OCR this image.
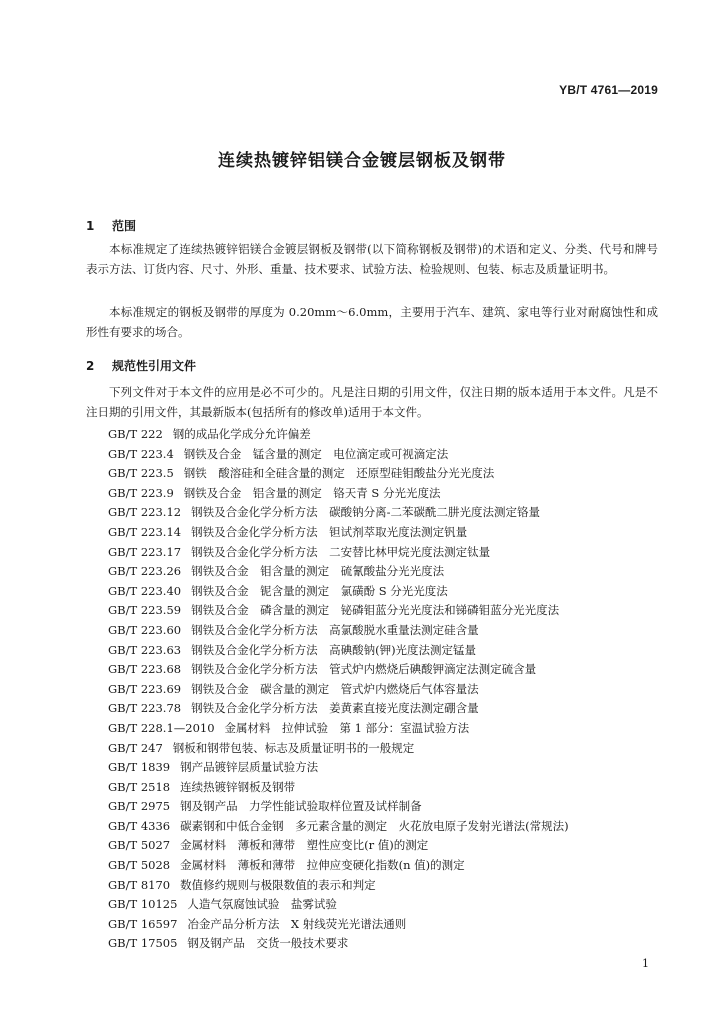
YB/T 4761—2019
连续热镀锌铝镁合金镀层钢板及钢带
1 范围
本标准规定了连续热镀锌铝镁合金镀层钢板及钢带(以下简称钢板及钢带)的术语和定义、分类、代号和牌号表示方法、订货内容、尺寸、外形、重量、技术要求、试验方法、检验规则、包装、标志及质量证明书。
本标准规定的钢板及钢带的厚度为 0.20mm～6.0mm，主要用于汽车、建筑、家电等行业对耐腐蚀性和成形性有要求的场合。
2 规范性引用文件
下列文件对于本文件的应用是必不可少的。凡是注日期的引用文件，仅注日期的版本适用于本文件。凡是不注日期的引用文件，其最新版本(包括所有的修改单)适用于本文件。
GB/T 222 钢的成品化学成分允许偏差
GB/T 223.4 钢铁及合金　锰含量的测定　电位滴定或可视滴定法
GB/T 223.5 钢铁　酸溶硅和全硅含量的测定　还原型硅钼酸盐分光光度法
GB/T 223.9 钢铁及合金　铝含量的测定　铬天青 S 分光光度法
GB/T 223.12 钢铁及合金化学分析方法　碳酸钠分离-二苯碳酰二肼光度法测定铬量
GB/T 223.14 钢铁及合金化学分析方法　钽试剂萃取光度法测定钒量
GB/T 223.17 钢铁及合金化学分析方法　二安替比林甲烷光度法测定钛量
GB/T 223.26 钢铁及合金　钼含量的测定　硫氰酸盐分光光度法
GB/T 223.40 钢铁及合金　铌含量的测定　氯磺酚 S 分光光度法
GB/T 223.59 钢铁及合金　磷含量的测定　铋磷钼蓝分光光度法和锑磷钼蓝分光光度法
GB/T 223.60 钢铁及合金化学分析方法　高氯酸脱水重量法测定硅含量
GB/T 223.63 钢铁及合金化学分析方法　高碘酸钠(钾)光度法测定锰量
GB/T 223.68 钢铁及合金化学分析方法　管式炉内燃烧后碘酸钾滴定法测定硫含量
GB/T 223.69 钢铁及合金　碳含量的测定　管式炉内燃烧后气体容量法
GB/T 223.78 钢铁及合金化学分析方法　姜黄素直接光度法测定硼含量
GB/T 228.1—2010 金属材料　拉伸试验　第 1 部分：室温试验方法
GB/T 247 钢板和钢带包装、标志及质量证明书的一般规定
GB/T 1839 钢产品镀锌层质量试验方法
GB/T 2518 连续热镀锌钢板及钢带
GB/T 2975 钢及钢产品　力学性能试验取样位置及试样制备
GB/T 4336 碳素钢和中低合金钢　多元素含量的测定　火花放电原子发射光谱法(常规法)
GB/T 5027 金属材料　薄板和薄带　塑性应变比(r 值)的测定
GB/T 5028 金属材料　薄板和薄带　拉伸应变硬化指数(n 值)的测定
GB/T 8170 数值修约规则与极限数值的表示和判定
GB/T 10125 人造气氛腐蚀试验　盐雾试验
GB/T 16597 冶金产品分析方法　X 射线荧光光谱法通则
GB/T 17505 钢及钢产品　交货一般技术要求
1
